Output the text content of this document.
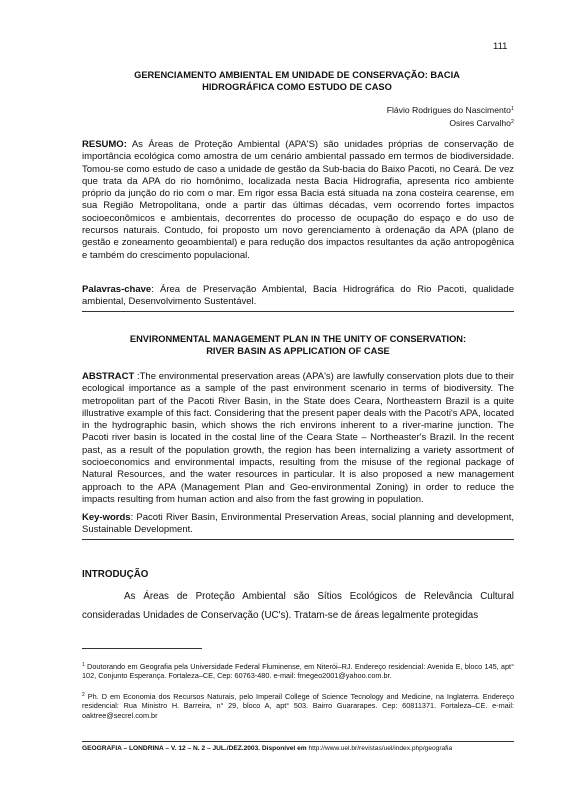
111
GERENCIAMENTO AMBIENTAL EM UNIDADE DE CONSERVAÇÃO: BACIA
HIDROGRÁFICA COMO ESTUDO DE CASO
Flávio Rodrigues do Nascimento$^1$
Osires Carvalho$^2$
RESUMO: As Áreas de Proteção Ambiental (APA'S) são unidades próprias de conservação de importância ecológica como amostra de um cenário ambiental passado em termos de biodiversidade. Tomou-se como estudo de caso a unidade de gestão da Sub-bacia do Baixo Pacoti, no Ceará. De vez que trata da APA do rio homônimo, localizada nesta Bacia Hidrografia, apresenta rico ambiente próprio da junção do rio com o mar. Em rigor essa Bacia está situada na zona costeira cearense, em sua Região Metropolitana, onde a partir das últimas décadas, vem ocorrendo fortes impactos socioeconômicos e ambientais, decorrentes do processo de ocupação do espaço e do uso de recursos naturais. Contudo, foi proposto um novo gerenciamento à ordenação da APA (plano de gestão e zoneamento geoambiental) e para redução dos impactos resultantes da ação antropogênica e também do crescimento populacional.
Palavras-chave: Área de Preservação Ambiental, Bacia Hidrográfica do Rio Pacoti, qualidade ambiental, Desenvolvimento Sustentável.
ENVIRONMENTAL MANAGEMENT PLAN IN THE UNITY OF CONSERVATION:
RIVER BASIN AS APPLICATION OF CASE
ABSTRACT :The environmental preservation areas (APA's) are lawfully conservation plots due to their ecological importance as a sample of the past environment scenario in terms of biodiversity. The metropolitan part of the Pacoti River Basin, in the State does Ceara, Northeastern Brazil is a quite illustrative example of this fact. Considering that the present paper deals with the Pacoti's APA, located in the hydrographic basin, which shows the rich environs inherent to a river-marine junction. The Pacoti river basin is located in the costal line of the Ceara State – Northeaster's Brazil. In the recent past, as a result of the population growth, the region has been internalizing a variety assortment of socioeconomics and environmental impacts, resulting from the misuse of the regional package of Natural Resources, and the water resources in particular. It is also proposed a new management approach to the APA (Management Plan and Geo-environmental Zoning) in order to reduce the impacts resulting from human action and also from the fast growing in population.
Key-words: Pacoti River Basin, Environmental Preservation Areas, social planning and development, Sustainable Development.
INTRODUÇÃO
As Áreas de Proteção Ambiental são Sítios Ecológicos de Relevância Cultural consideradas Unidades de Conservação (UC's). Tratam-se de áreas legalmente protegidas
$^1$ Doutorando em Geografia pela Universidade Federal Fluminense, em Niterói–RJ. Endereço residencial: Avenida E, bloco 145, apt° 102, Conjunto Esperança. Fortaleza–CE, Cep: 60763-480. e-mail: frnegeo2001@yahoo.com.br.
$^2$ Ph. D em Economia dos Recursos Naturais, pelo Imperail College of Science Tecnology and Medicine, na Inglaterra. Endereço residencial: Rua Ministro H. Barreira, n° 29, bloco A, apt° 503. Bairro Guararapes. Cep: 60811371. Fortaleza–CE. e-mail: oaktree@secrel.com.br
GEOGRAFIA – LONDRINA – V. 12 – N. 2 – JUL./DEZ.2003. Disponível em http://www.uel.br/revistas/uel/index.php/geografia
